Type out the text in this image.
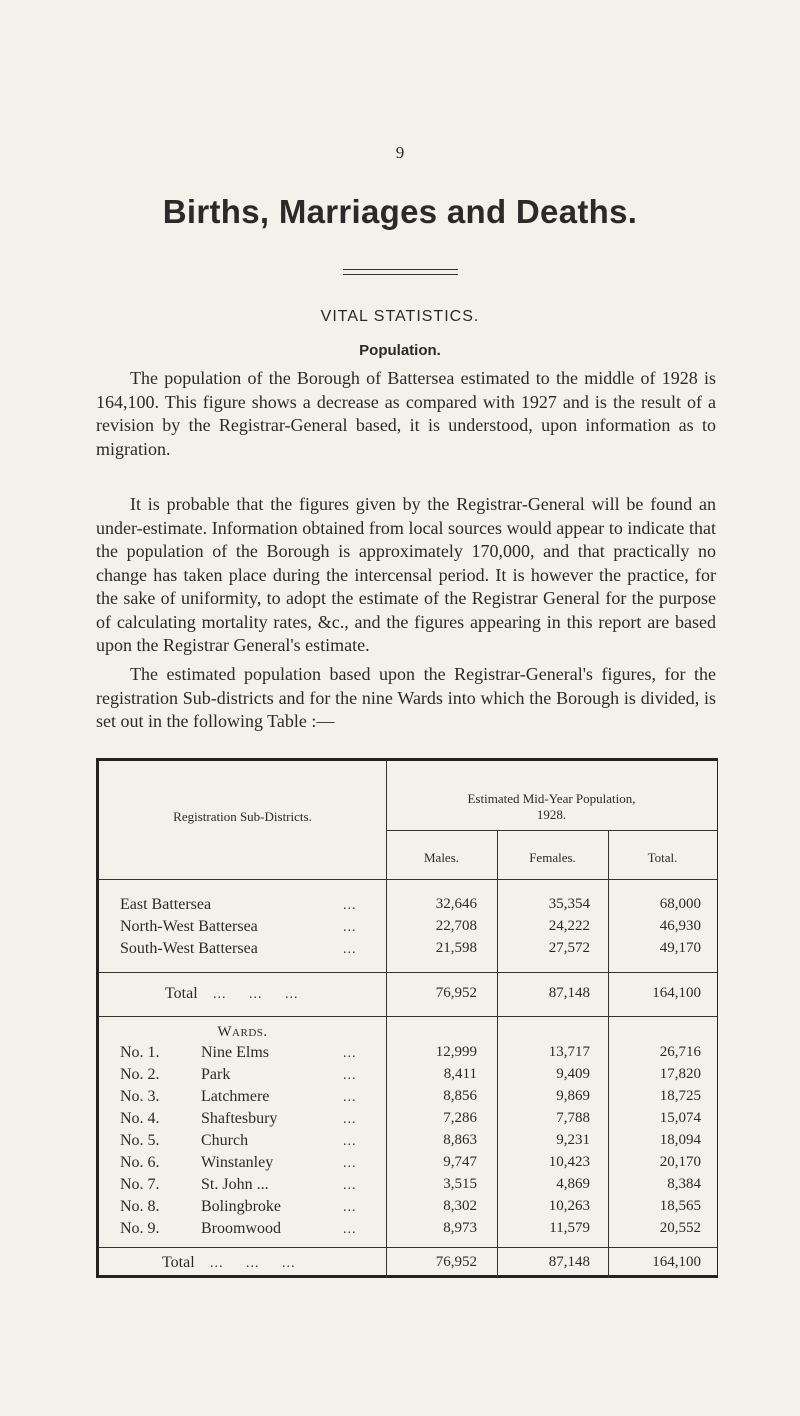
9
Births, Marriages and Deaths.
VITAL STATISTICS.
Population.

The population of the Borough of Battersea estimated to the middle of 1928 is 164,100. This figure shows a decrease as compared with 1927 and is the result of a revision by the Registrar-General based, it is understood, upon information as to migration.

It is probable that the figures given by the Registrar-General will be found an under-estimate. Information obtained from local sources would appear to indicate that the population of the Borough is approximately 170,000, and that practically no change has taken place during the intercensal period. It is however the practice, for the sake of uniformity, to adopt the estimate of the Registrar General for the purpose of calculating mortality rates, &c., and the figures appearing in this report are based upon the Registrar General's estimate.

The estimated population based upon the Registrar-General's figures, for the registration Sub-districts and for the nine Wards into which the Borough is divided, is set out in the following Table :—

Registration Sub-Districts.
Estimated Mid-Year Population,
1928.
Males.	Females.	Total.
East Battersea	...	32,646	35,354	68,000
North-West Battersea	...	22,708	24,222	46,930
South-West Battersea	...	21,598	27,572	49,170
Total ... ... ...	76,952	87,148	164,100
Wards.
No. 1.	Nine Elms	...	12,999	13,717	26,716
No. 2.	Park	...	8,411	9,409	17,820
No. 3.	Latchmere	...	8,856	9,869	18,725
No. 4.	Shaftesbury	...	7,286	7,788	15,074
No. 5.	Church	...	8,863	9,231	18,094
No. 6.	Winstanley	...	9,747	10,423	20,170
No. 7.	St. John ...	...	3,515	4,869	8,384
No. 8.	Bolingbroke	...	8,302	10,263	18,565
No. 9.	Broomwood	...	8,973	11,579	20,552
Total ... ... ...	76,952	87,148	164,100
